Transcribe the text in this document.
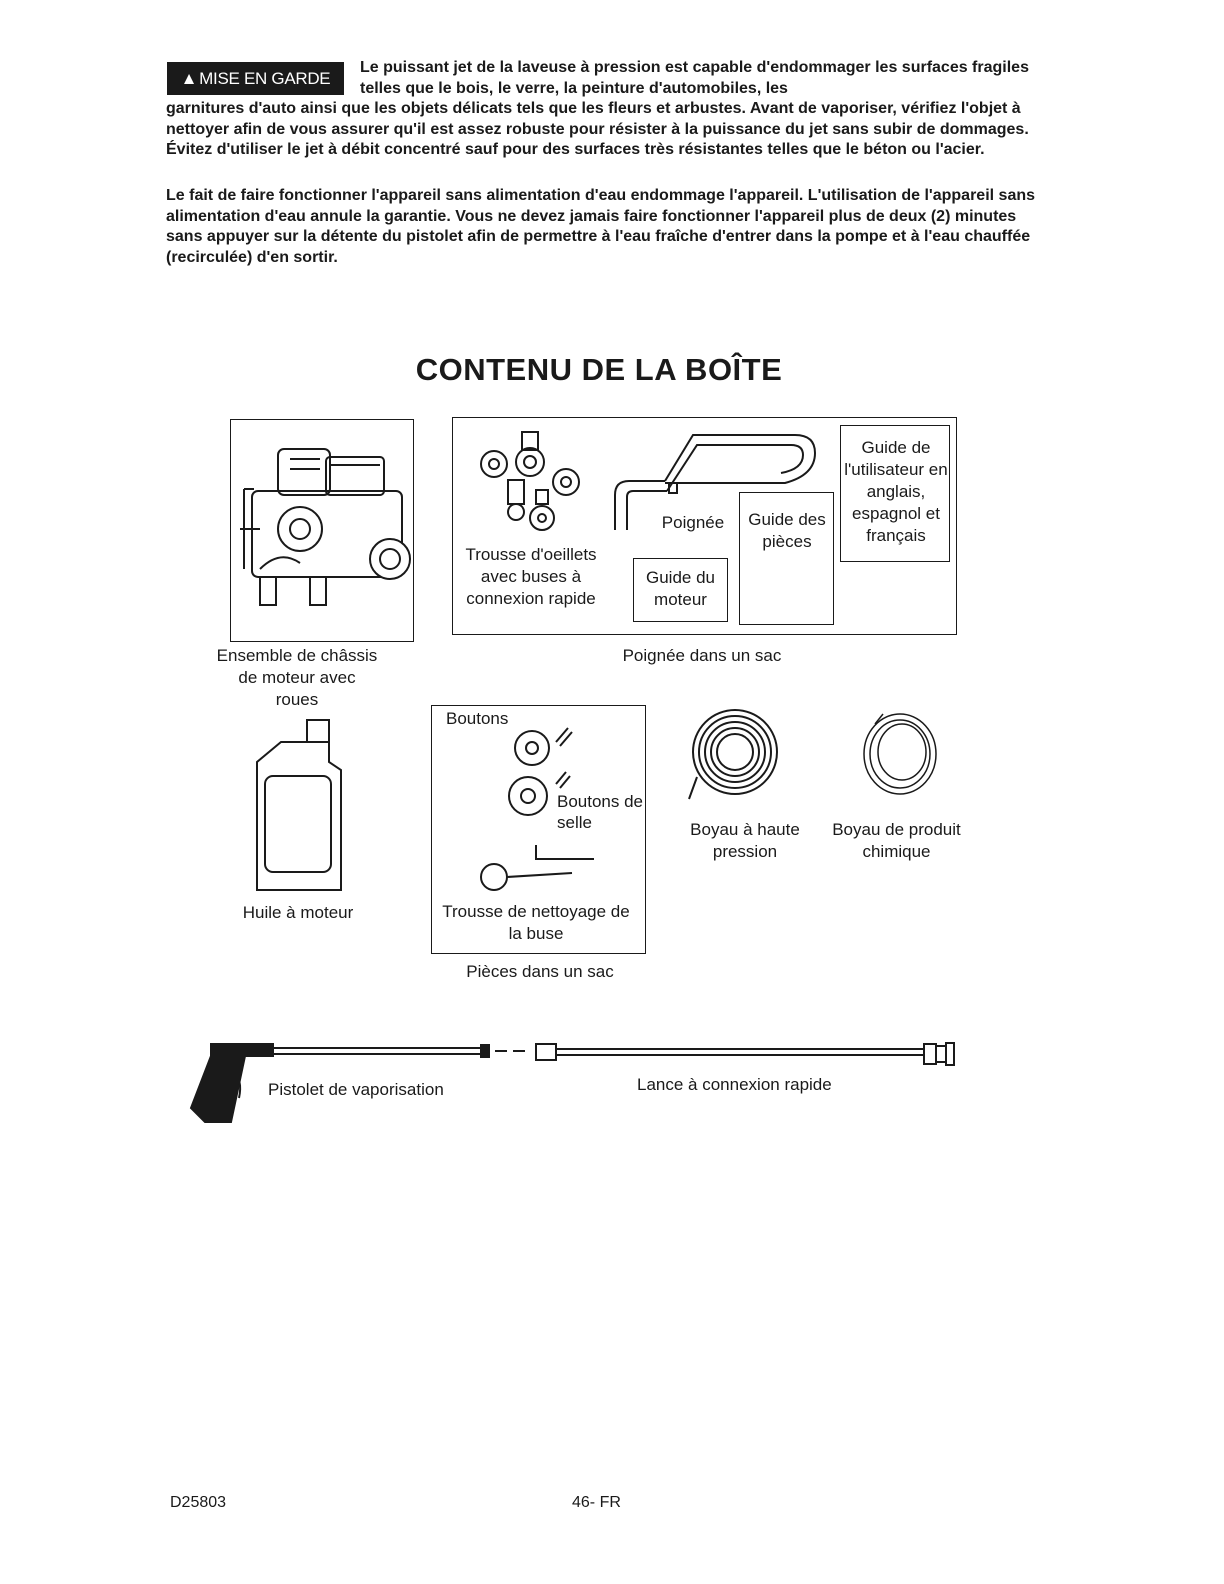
▲ MISE EN GARDE
Le puissant jet de la laveuse à pression est capable d'endommager les surfaces fragiles telles que le bois, le verre, la peinture d'automobiles, les
garnitures d'auto ainsi que les objets délicats tels que les fleurs et arbustes. Avant de vaporiser, vérifiez l'objet à nettoyer afin de vous assurer qu'il est assez robuste pour résister à la puissance du jet sans subir de dommages. Évitez d'utiliser le jet à débit concentré sauf pour des surfaces très résistantes telles que le béton ou l'acier.
Le fait de faire fonctionner l'appareil sans alimentation d'eau endommage l'appareil. L'utilisation de l'appareil sans alimentation d'eau annule la garantie. Vous ne devez jamais faire fonctionner l'appareil plus de deux (2) minutes sans appuyer sur la détente du pistolet afin de permettre à l'eau fraîche d'entrer dans la pompe et à l'eau chauffée (recirculée) d'en sortir.
CONTENU DE LA BOÎTE
Ensemble de châssis de moteur avec roues
Trousse d'oeillets avec buses à connexion rapide
Poignée
Guide du moteur
Guide des pièces
Guide de l'utilisateur en anglais, espagnol et français
Poignée dans un sac
Huile à moteur
Boutons
Boutons de selle
Trousse de nettoyage de la buse
Pièces dans un sac
Boyau à haute pression
Boyau de produit chimique
Pistolet de vaporisation	Lance à connexion rapide
D25803	46- FR
